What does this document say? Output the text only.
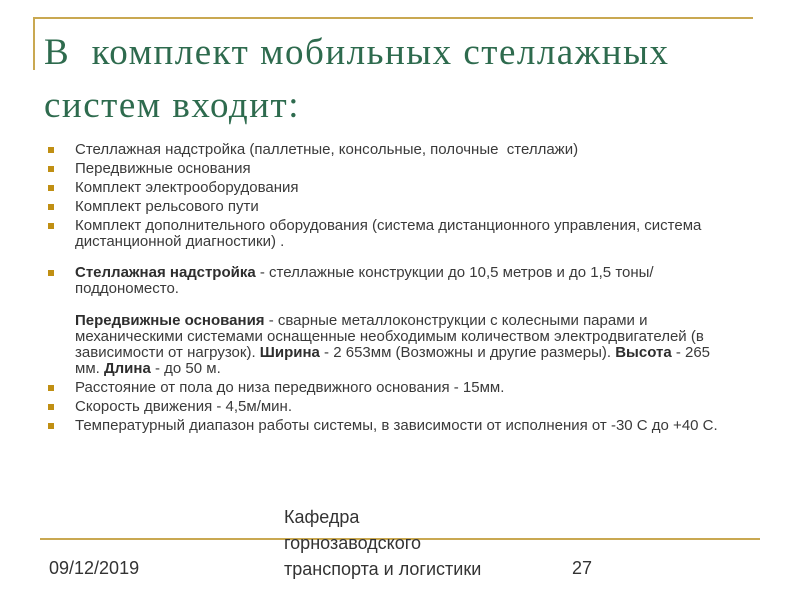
В  комплект мобильных стеллажных
систем входит:
Стеллажная надстройка (паллетные, консольные, полочные  стеллажи)
Передвижные основания
Комплект электрооборудования
Комплект рельсового пути
Комплект дополнительного оборудования (система дистанционного управления, система дистанционной диагностики) .
Стеллажная надстройка - стеллажные конструкции до 10,5 метров и до 1,5 тоны/поддономесто.
Передвижные основания - сварные металлоконструкции с колесными парами и механическими системами оснащенные необходимым количеством электродвигателей (в зависимости от нагрузок). Ширина - 2 653мм (Возможны и другие размеры). Высота - 265 мм. Длина - до 50 м.
Расстояние от пола до низа передвижного основания - 15мм.
Скорость движения - 4,5м/мин.
Температурный диапазон работы системы, в зависимости от исполнения от -30 С до +40 С.
09/12/2019
Кафедра
горнозаводского
транспорта и логистики	27
